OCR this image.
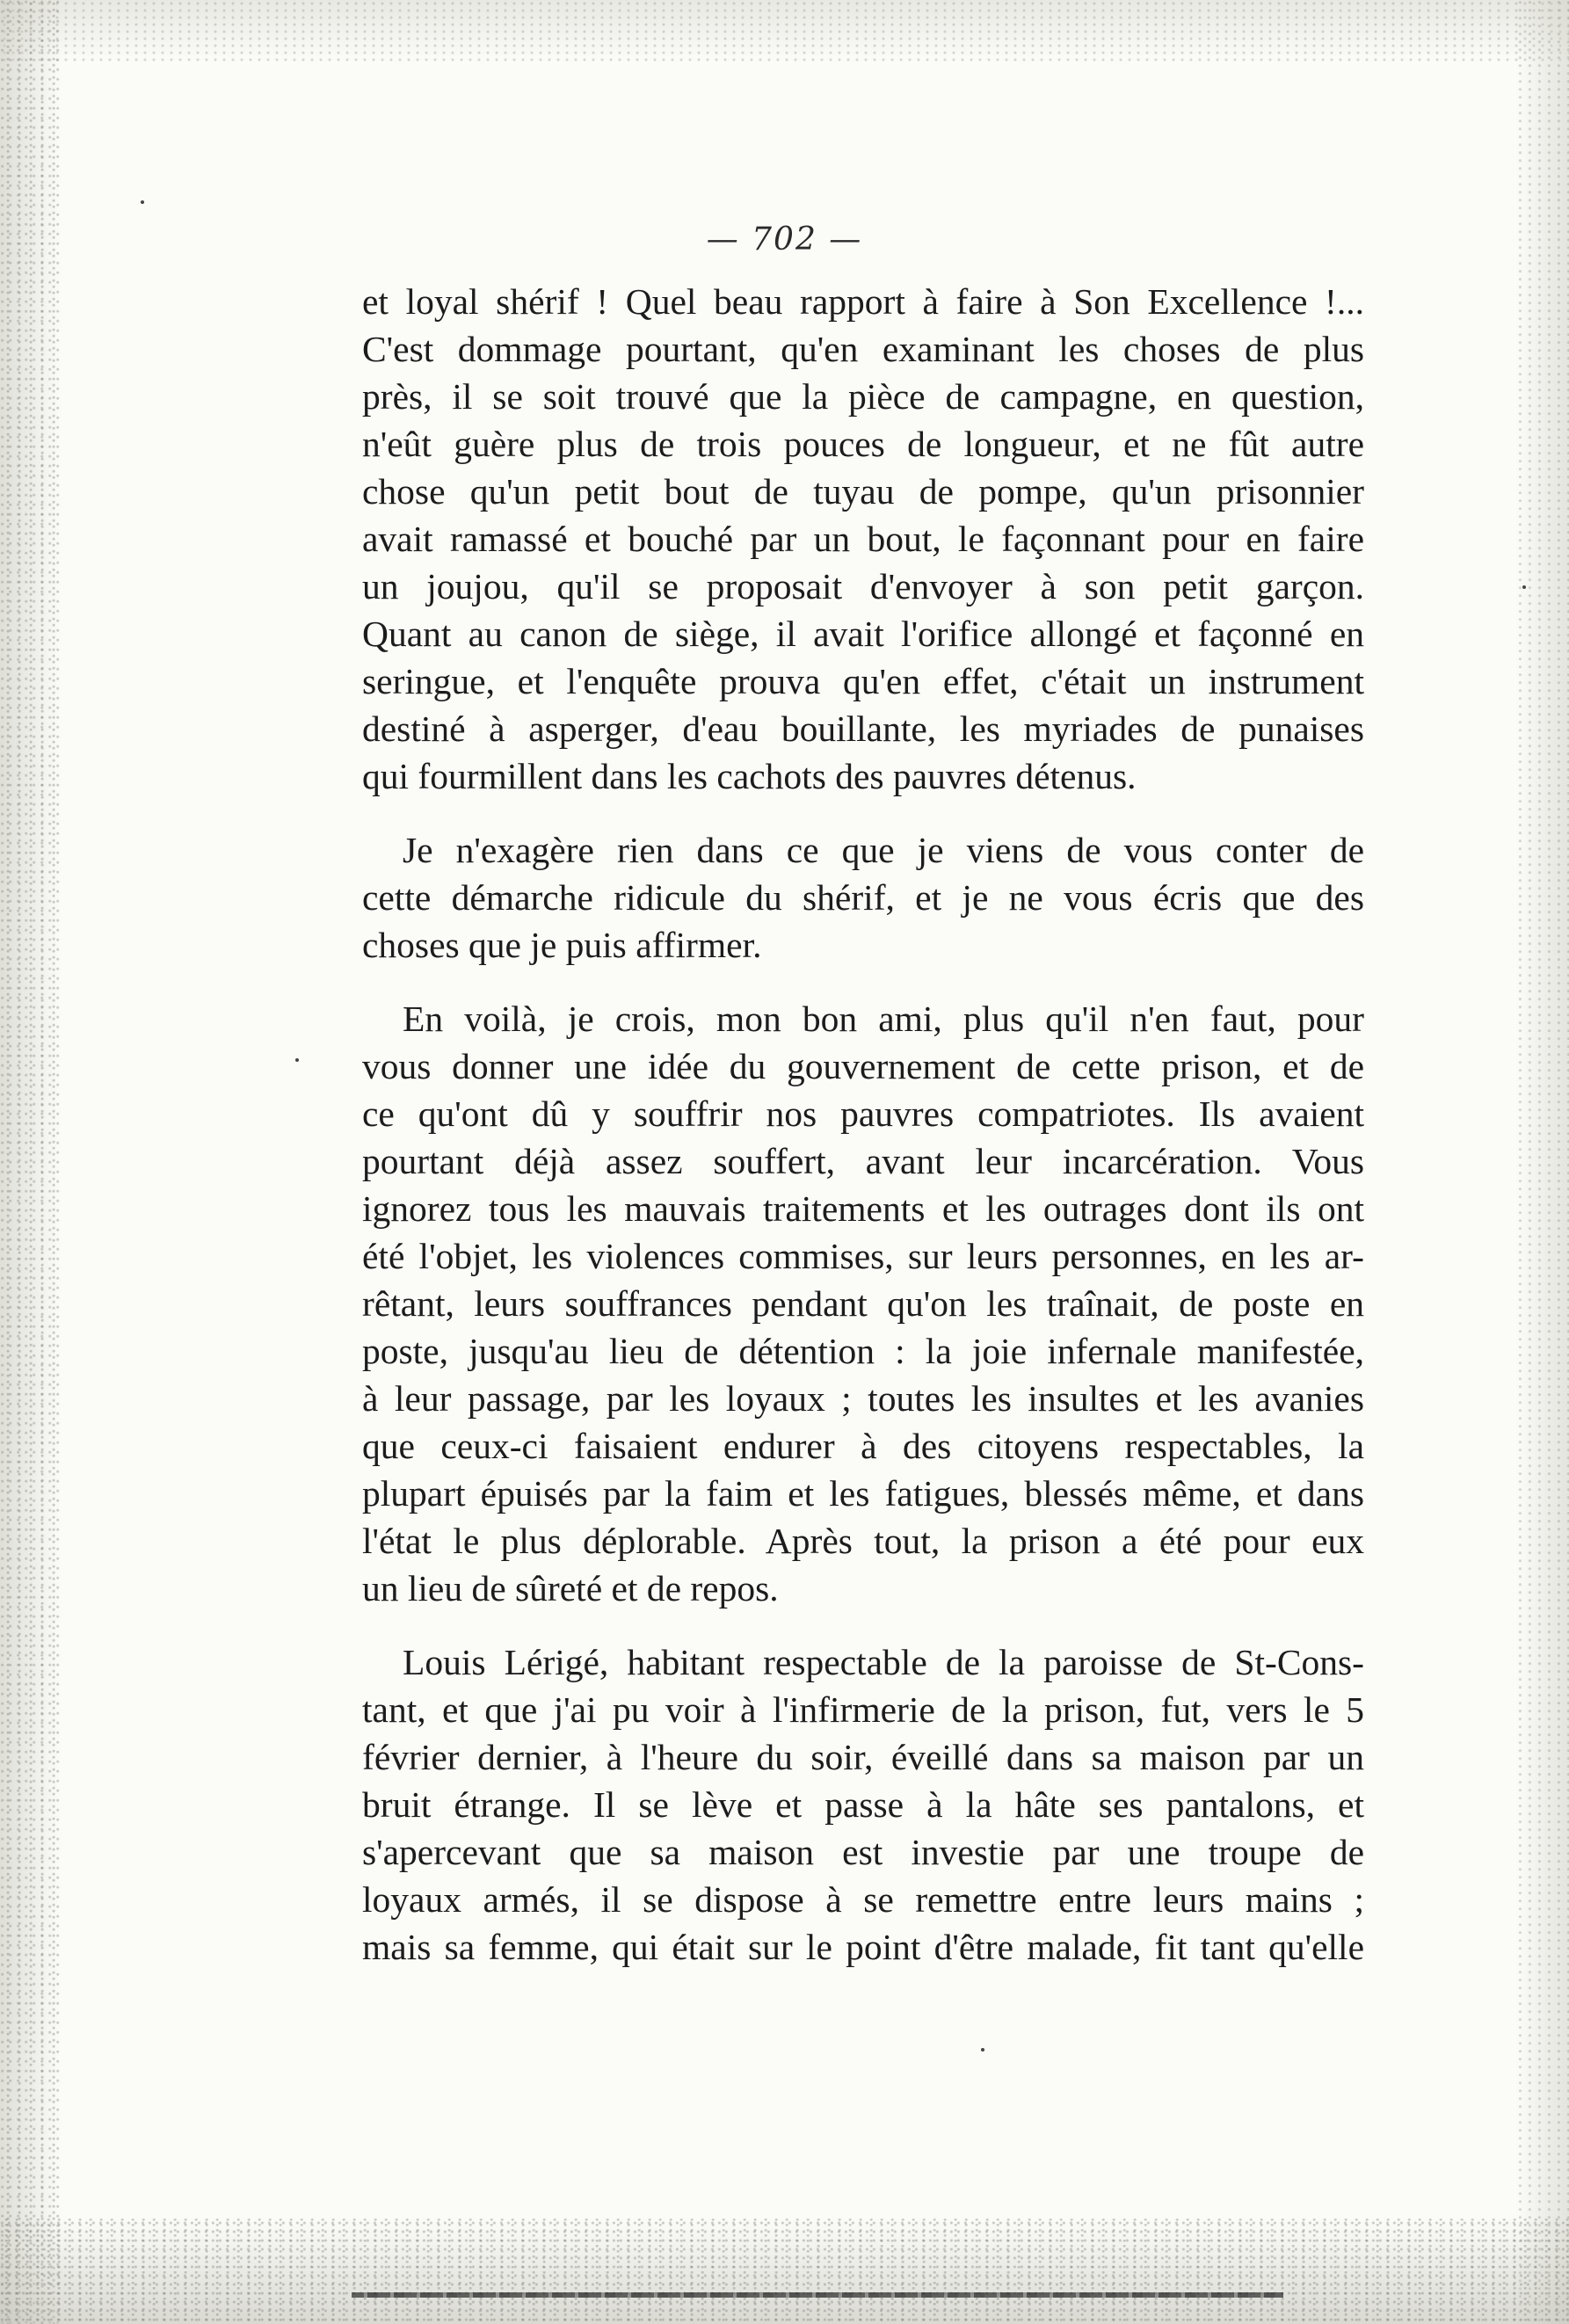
— 702 —

et loyal shérif ! Quel beau rapport à faire à Son Excellence !...
C'est dommage pourtant, qu'en examinant les choses de plus
près, il se soit trouvé que la pièce de campagne, en question,
n'eût guère plus de trois pouces de longueur, et ne fût autre
chose qu'un petit bout de tuyau de pompe, qu'un prisonnier
avait ramassé et bouché par un bout, le façonnant pour en faire
un joujou, qu'il se proposait d'envoyer à son petit garçon.
Quant au canon de siège, il avait l'orifice allongé et façonné en
seringue, et l'enquête prouva qu'en effet, c'était un instrument
destiné à asperger, d'eau bouillante, les myriades de punaises
qui fourmillent dans les cachots des pauvres détenus.

Je n'exagère rien dans ce que je viens de vous conter de
cette démarche ridicule du shérif, et je ne vous écris que des
choses que je puis affirmer.

En voilà, je crois, mon bon ami, plus qu'il n'en faut, pour
vous donner une idée du gouvernement de cette prison, et de
ce qu'ont dû y souffrir nos pauvres compatriotes. Ils avaient
pourtant déjà assez souffert, avant leur incarcération. Vous
ignorez tous les mauvais traitements et les outrages dont ils ont
été l'objet, les violences commises, sur leurs personnes, en les ar-
rêtant, leurs souffrances pendant qu'on les traînait, de poste en
poste, jusqu'au lieu de détention : la joie infernale manifestée,
à leur passage, par les loyaux ; toutes les insultes et les avanies
que ceux-ci faisaient endurer à des citoyens respectables, la
plupart épuisés par la faim et les fatigues, blessés même, et dans
l'état le plus déplorable. Après tout, la prison a été pour eux
un lieu de sûreté et de repos.

Louis Lérigé, habitant respectable de la paroisse de St-Cons-
tant, et que j'ai pu voir à l'infirmerie de la prison, fut, vers le 5
février dernier, à l'heure du soir, éveillé dans sa maison par un
bruit étrange. Il se lève et passe à la hâte ses pantalons, et
s'apercevant que sa maison est investie par une troupe de
loyaux armés, il se dispose à se remettre entre leurs mains ;
mais sa femme, qui était sur le point d'être malade, fit tant qu'elle
